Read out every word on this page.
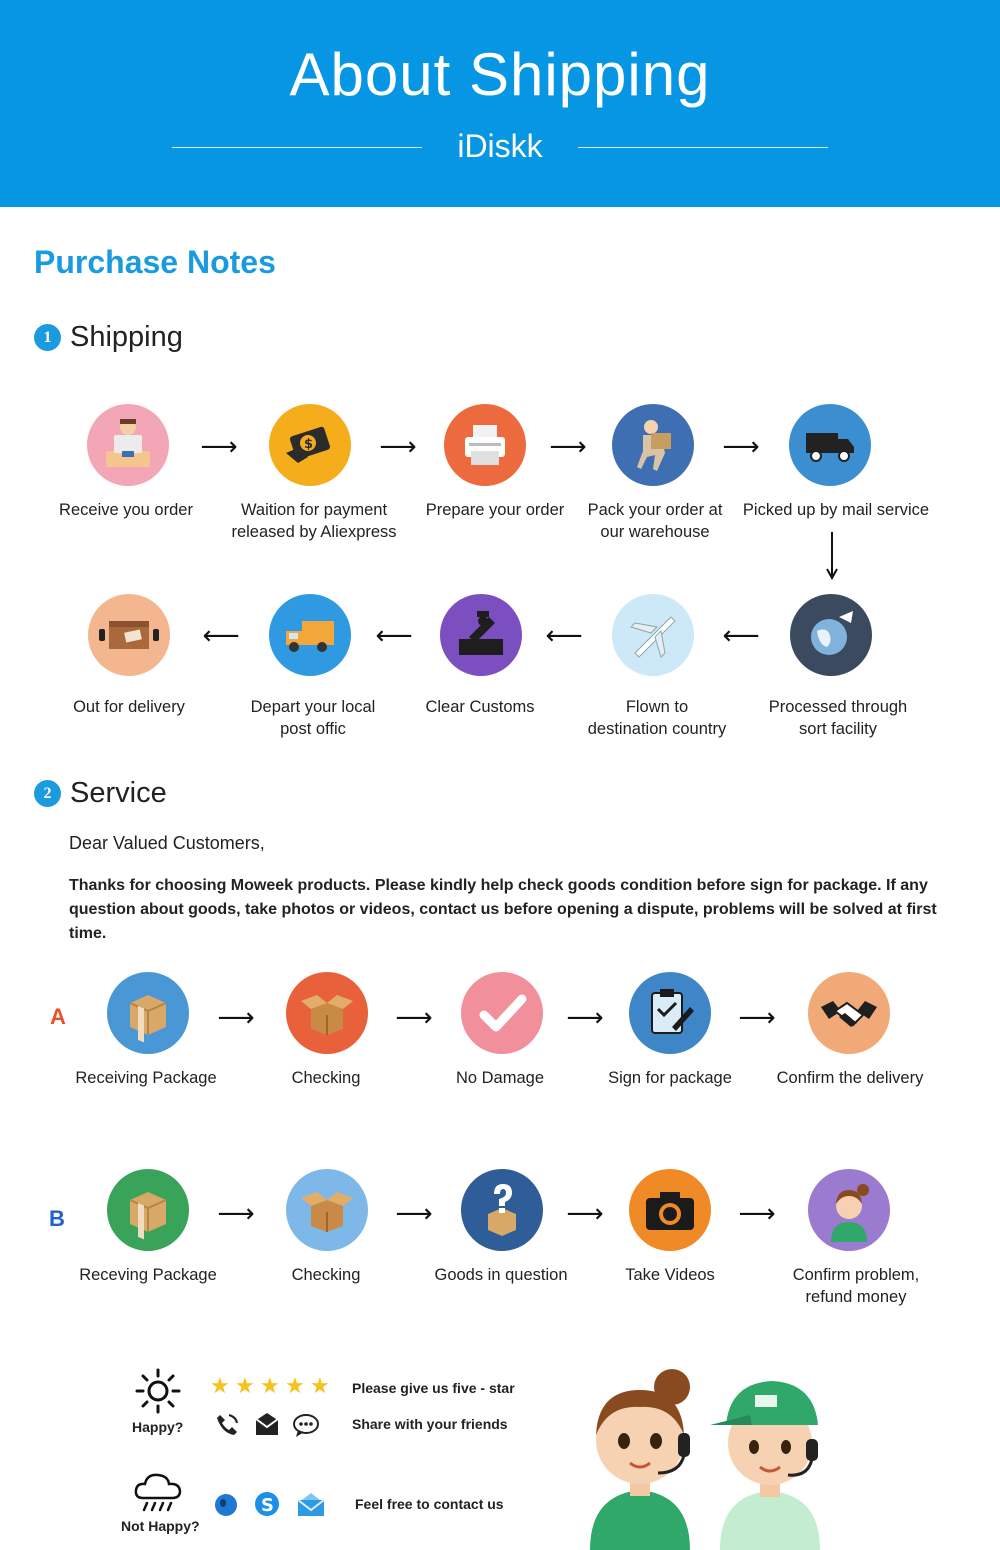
About Shipping
iDiskk
Purchase Notes
1 Shipping
Receive you order
⟶	$
Waition for payment
released by Aliexpress
⟶
Prepare your order
⟶
Pack your order at
our warehouse
⟶
Picked up by mail service
Processed through
sort facility
⟵
Flown to
destination country
⟵
Clear Customs
⟵
Depart your local
post offic
⟵
Out for delivery
2 Service
Dear Valued Customers,
Thanks for choosing Moweek products. Please kindly help check goods condition before sign for package. If any question about goods, take photos or videos, contact us before opening a dispute, problems will be solved at first time.
A
Receiving Package
⟶
Checking
⟶
No Damage
⟶
Sign for package
⟶
Confirm the delivery
B
Receving Package
⟶
Checking
⟶
Goods in question
⟶
Take Videos
⟶
Confirm problem,
refund money
Happy?
★ ★ ★ ★ ★ Please give us five - star
Share with your friends
Not Happy?
S	Feel free to contact us
